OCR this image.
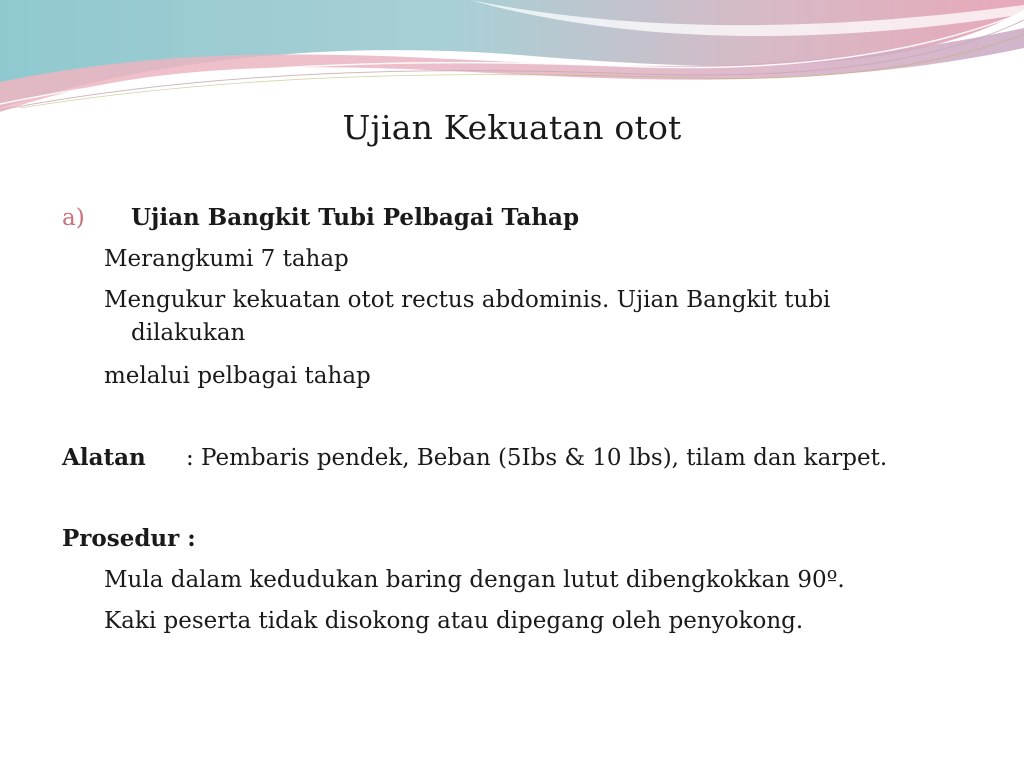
Ujian Kekuatan otot
a) Ujian Bangkit Tubi Pelbagai Tahap
Merangkumi 7 tahap
Mengukur kekuatan otot rectus abdominis. Ujian Bangkit tubi
dilakukan
melalui pelbagai tahap
Alatan : Pembaris pendek, Beban (5Ibs & 10 lbs), tilam dan karpet.
Prosedur :
Mula dalam kedudukan baring dengan lutut dibengkokkan 90º.
Kaki peserta tidak disokong atau dipegang oleh penyokong.
